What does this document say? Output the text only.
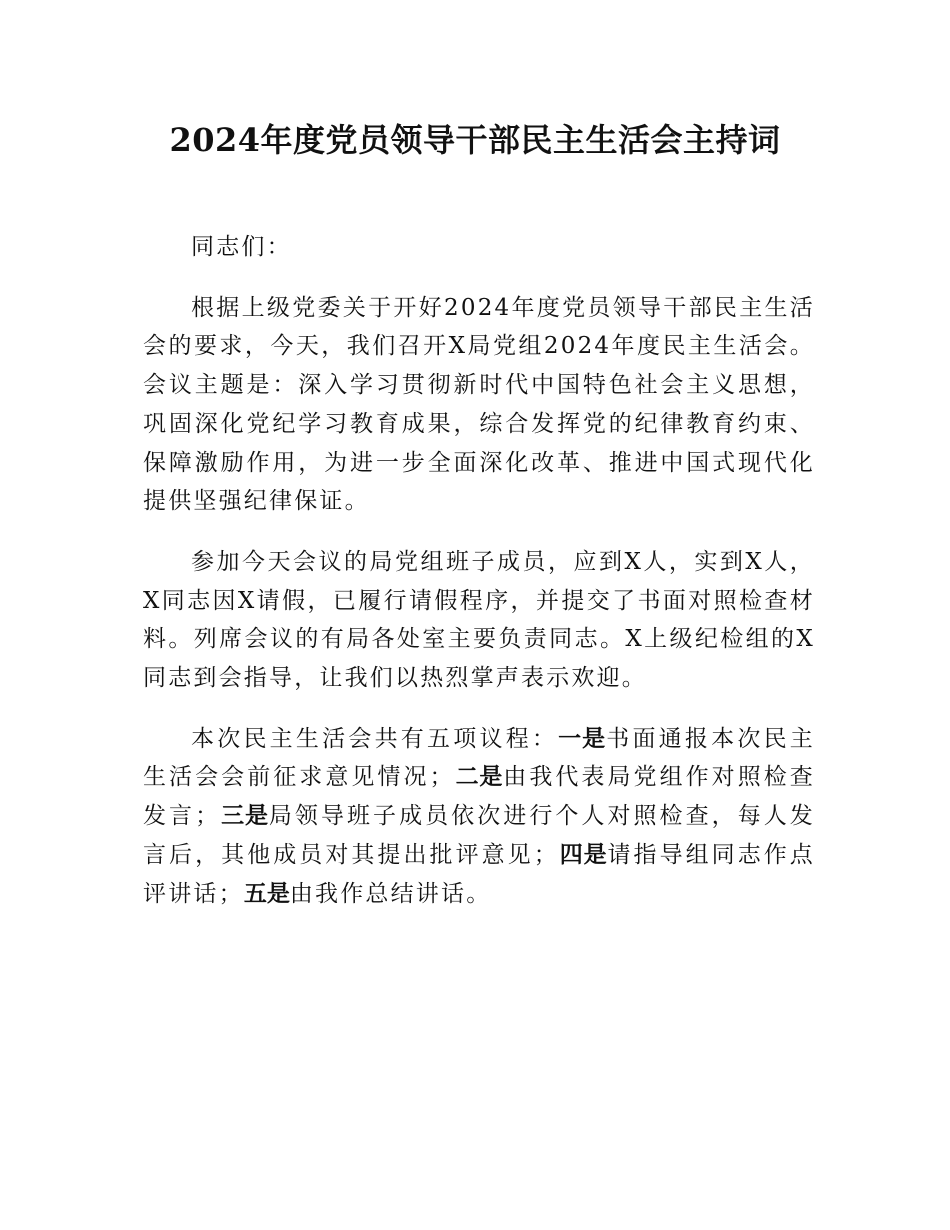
2024年度党员领导干部民主生活会主持词

同志们：

根据上级党委关于开好2024年度党员领导干部民主生活会的要求，今天，我们召开X局党组2024年度民主生活会。会议主题是：深入学习贯彻新时代中国特色社会主义思想，巩固深化党纪学习教育成果，综合发挥党的纪律教育约束、保障激励作用，为进一步全面深化改革、推进中国式现代化提供坚强纪律保证。

参加今天会议的局党组班子成员，应到X人，实到X人，X同志因X请假，已履行请假程序，并提交了书面对照检查材料。列席会议的有局各处室主要负责同志。X上级纪检组的X同志到会指导，让我们以热烈掌声表示欢迎。

本次民主生活会共有五项议程：一是书面通报本次民主生活会会前征求意见情况；二是由我代表局党组作对照检查发言；三是局领导班子成员依次进行个人对照检查，每人发言后，其他成员对其提出批评意见；四是请指导组同志作点评讲话；五是由我作总结讲话。
